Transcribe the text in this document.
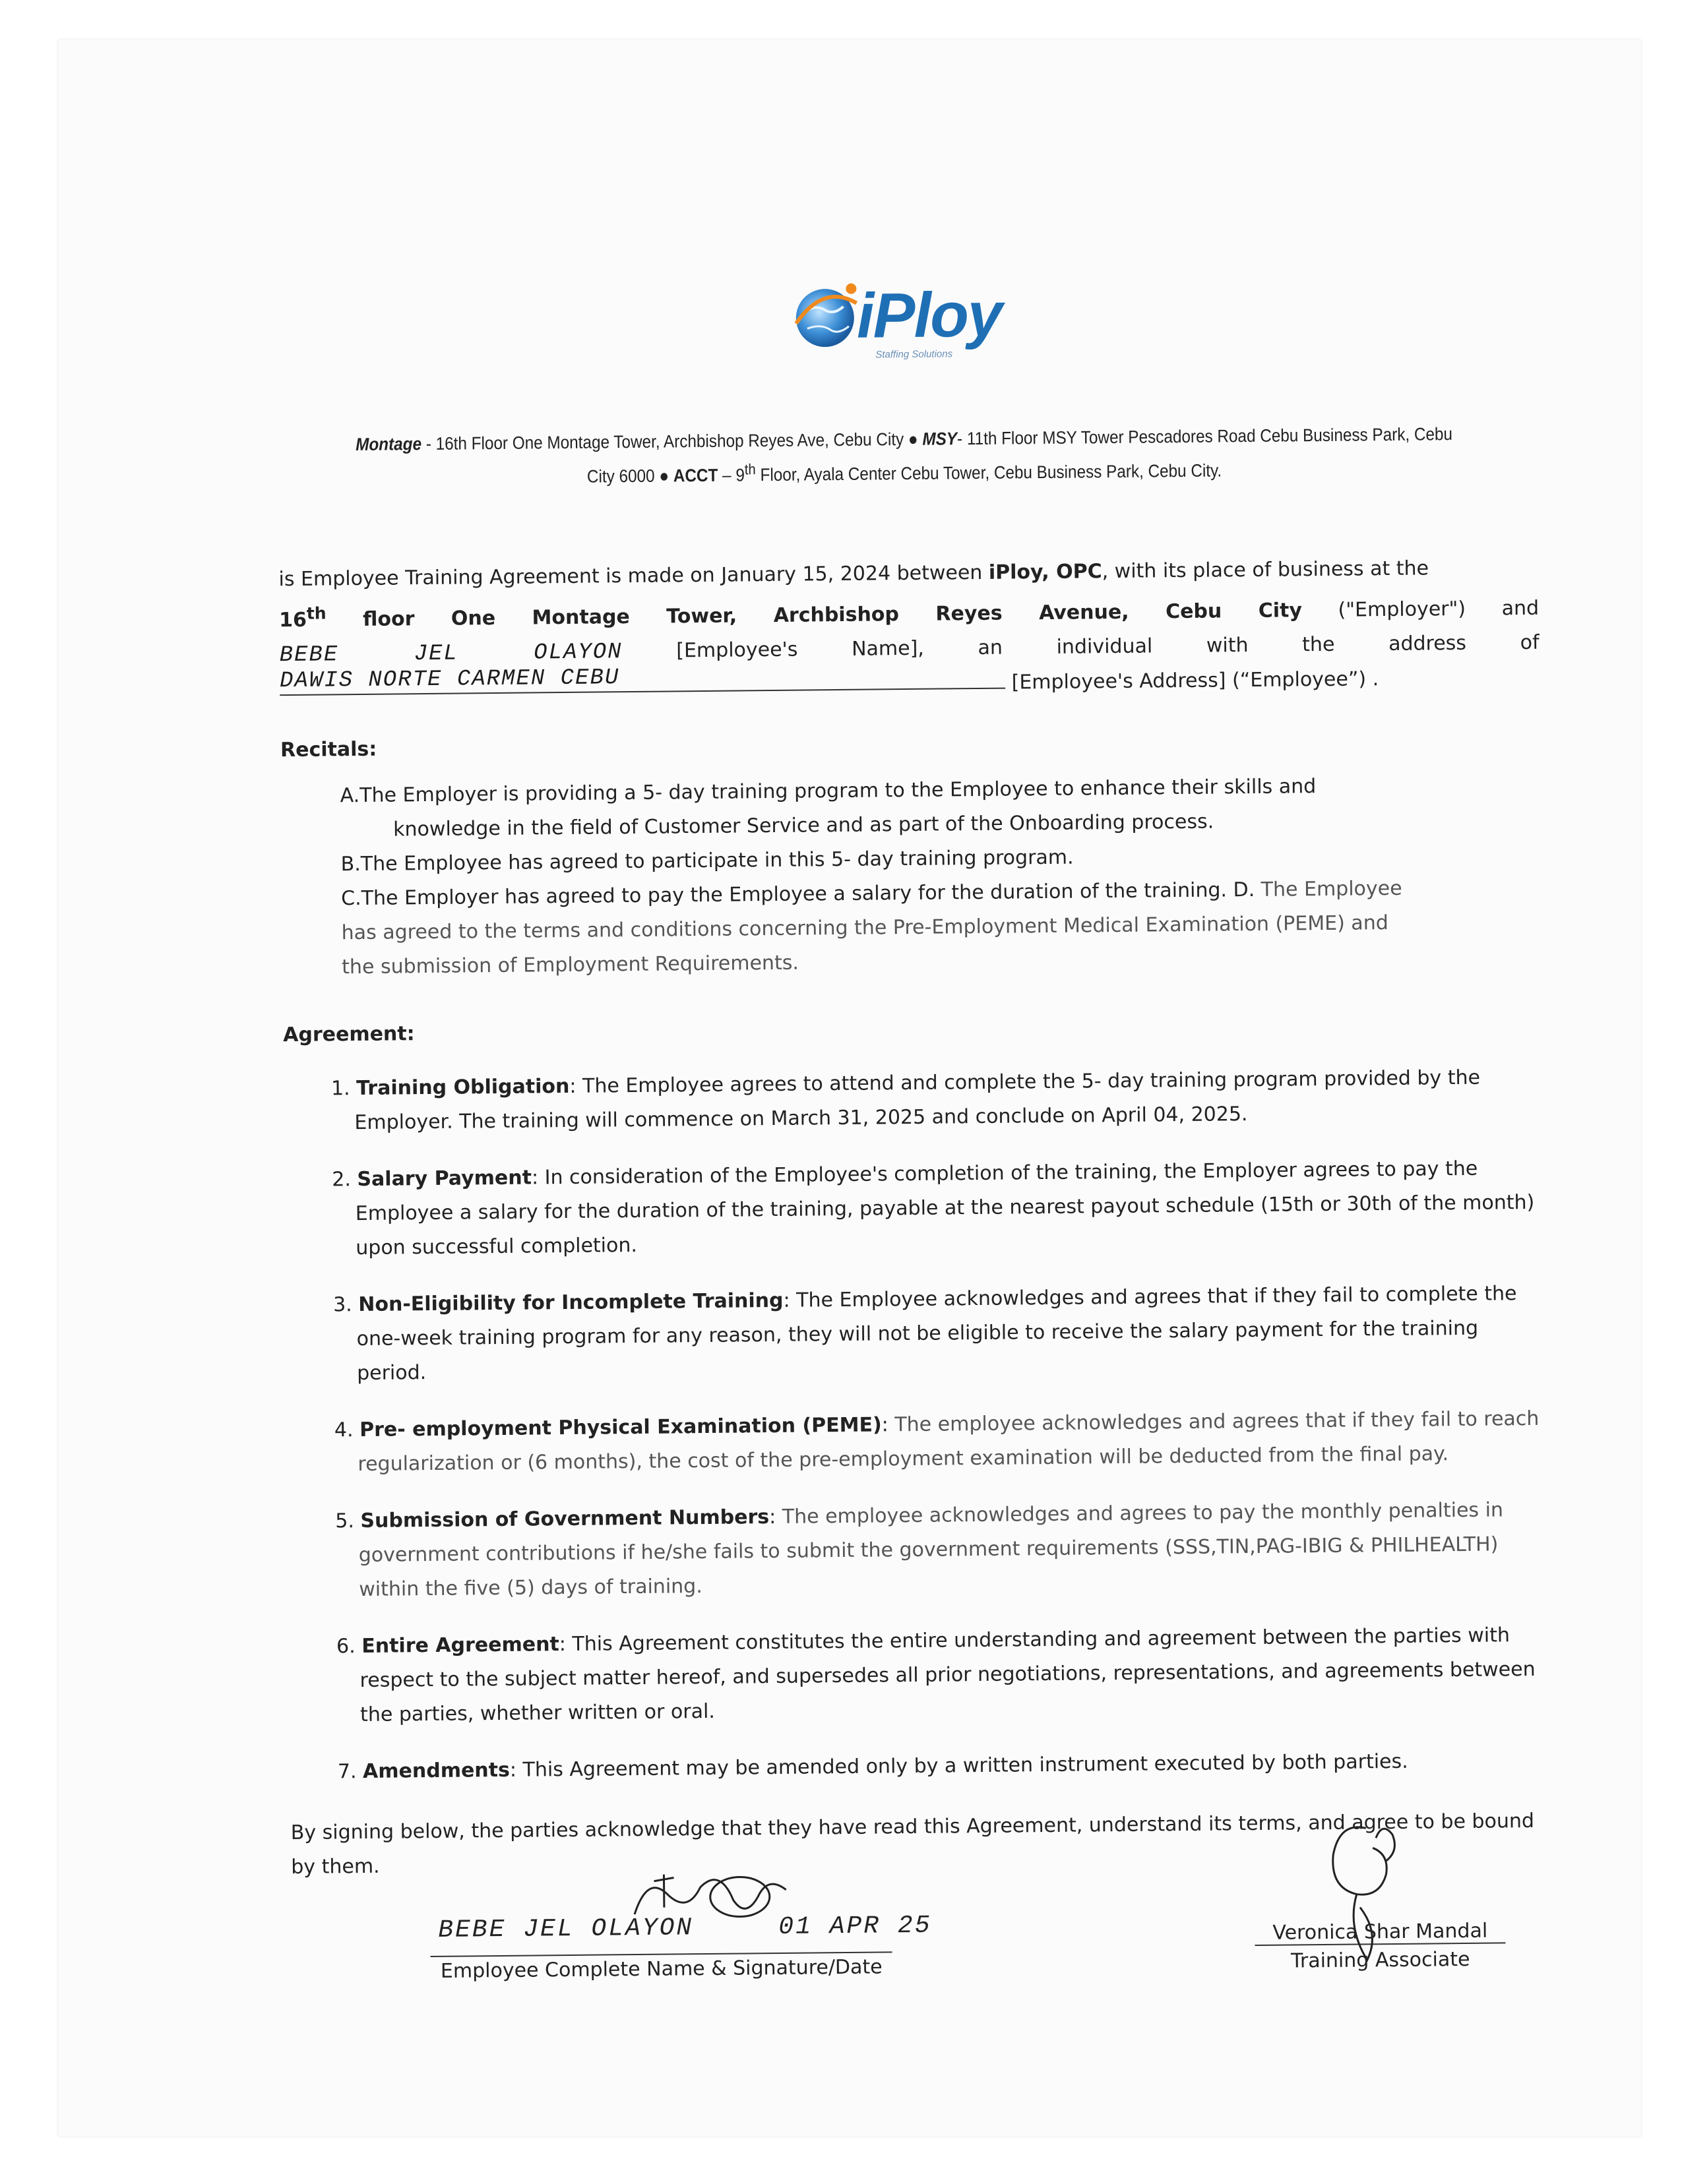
iPloy
Staffing Solutions
Montage - 16th Floor One Montage Tower, Archbishop Reyes Ave, Cebu City ● MSY- 11th Floor MSY Tower Pescadores Road Cebu Business Park, Cebu City 6000 ● ACCT – 9th Floor, Ayala Center Cebu Tower, Cebu Business Park, Cebu City.
is Employee Training Agreement is made on January 15, 2024 between iPloy, OPC, with its place of business at the
16th floor One Montage Tower, Archbishop Reyes Avenue, Cebu City ("Employer") and
BEBE JEL OLAYON	[Employee's Name], an individual with the address of
DAWIS NORTE CARMEN CEBU	[Employee's Address] (“Employee”) .
Recitals:
A.The Employer is providing a 5- day training program to the Employee to enhance their skills and
knowledge in the field of Customer Service and as part of the Onboarding process.
B.The Employee has agreed to participate in this 5- day training program.
C.The Employer has agreed to pay the Employee a salary for the duration of the training. D. The Employee
has agreed to the terms and conditions concerning the Pre-Employment Medical Examination (PEME) and
the submission of Employment Requirements.
Agreement:
1. Training Obligation: The Employee agrees to attend and complete the 5- day training program provided by the Employer. The training will commence on March 31, 2025 and conclude on April 04, 2025.
2. Salary Payment: In consideration of the Employee's completion of the training, the Employer agrees to pay the Employee a salary for the duration of the training, payable at the nearest payout schedule (15th or 30th of the month) upon successful completion.
3. Non-Eligibility for Incomplete Training: The Employee acknowledges and agrees that if they fail to complete the one-week training program for any reason, they will not be eligible to receive the salary payment for the training period.
4. Pre- employment Physical Examination (PEME): The employee acknowledges and agrees that if they fail to reach regularization or (6 months), the cost of the pre-employment examination will be deducted from the final pay.
5. Submission of Government Numbers: The employee acknowledges and agrees to pay the monthly penalties in government contributions if he/she fails to submit the government requirements (SSS,TIN,PAG-IBIG & PHILHEALTH) within the five (5) days of training.
6. Entire Agreement: This Agreement constitutes the entire understanding and agreement between the parties with respect to the subject matter hereof, and supersedes all prior negotiations, representations, and agreements between the parties, whether written or oral.
7. Amendments: This Agreement may be amended only by a written instrument executed by both parties.
By signing below, the parties acknowledge that they have read this Agreement, understand its terms, and agree to be bound by them.
BEBE JEL OLAYON	01 APR 25
Employee Complete Name & Signature/Date
Veronica Shar Mandal
Training Associate
